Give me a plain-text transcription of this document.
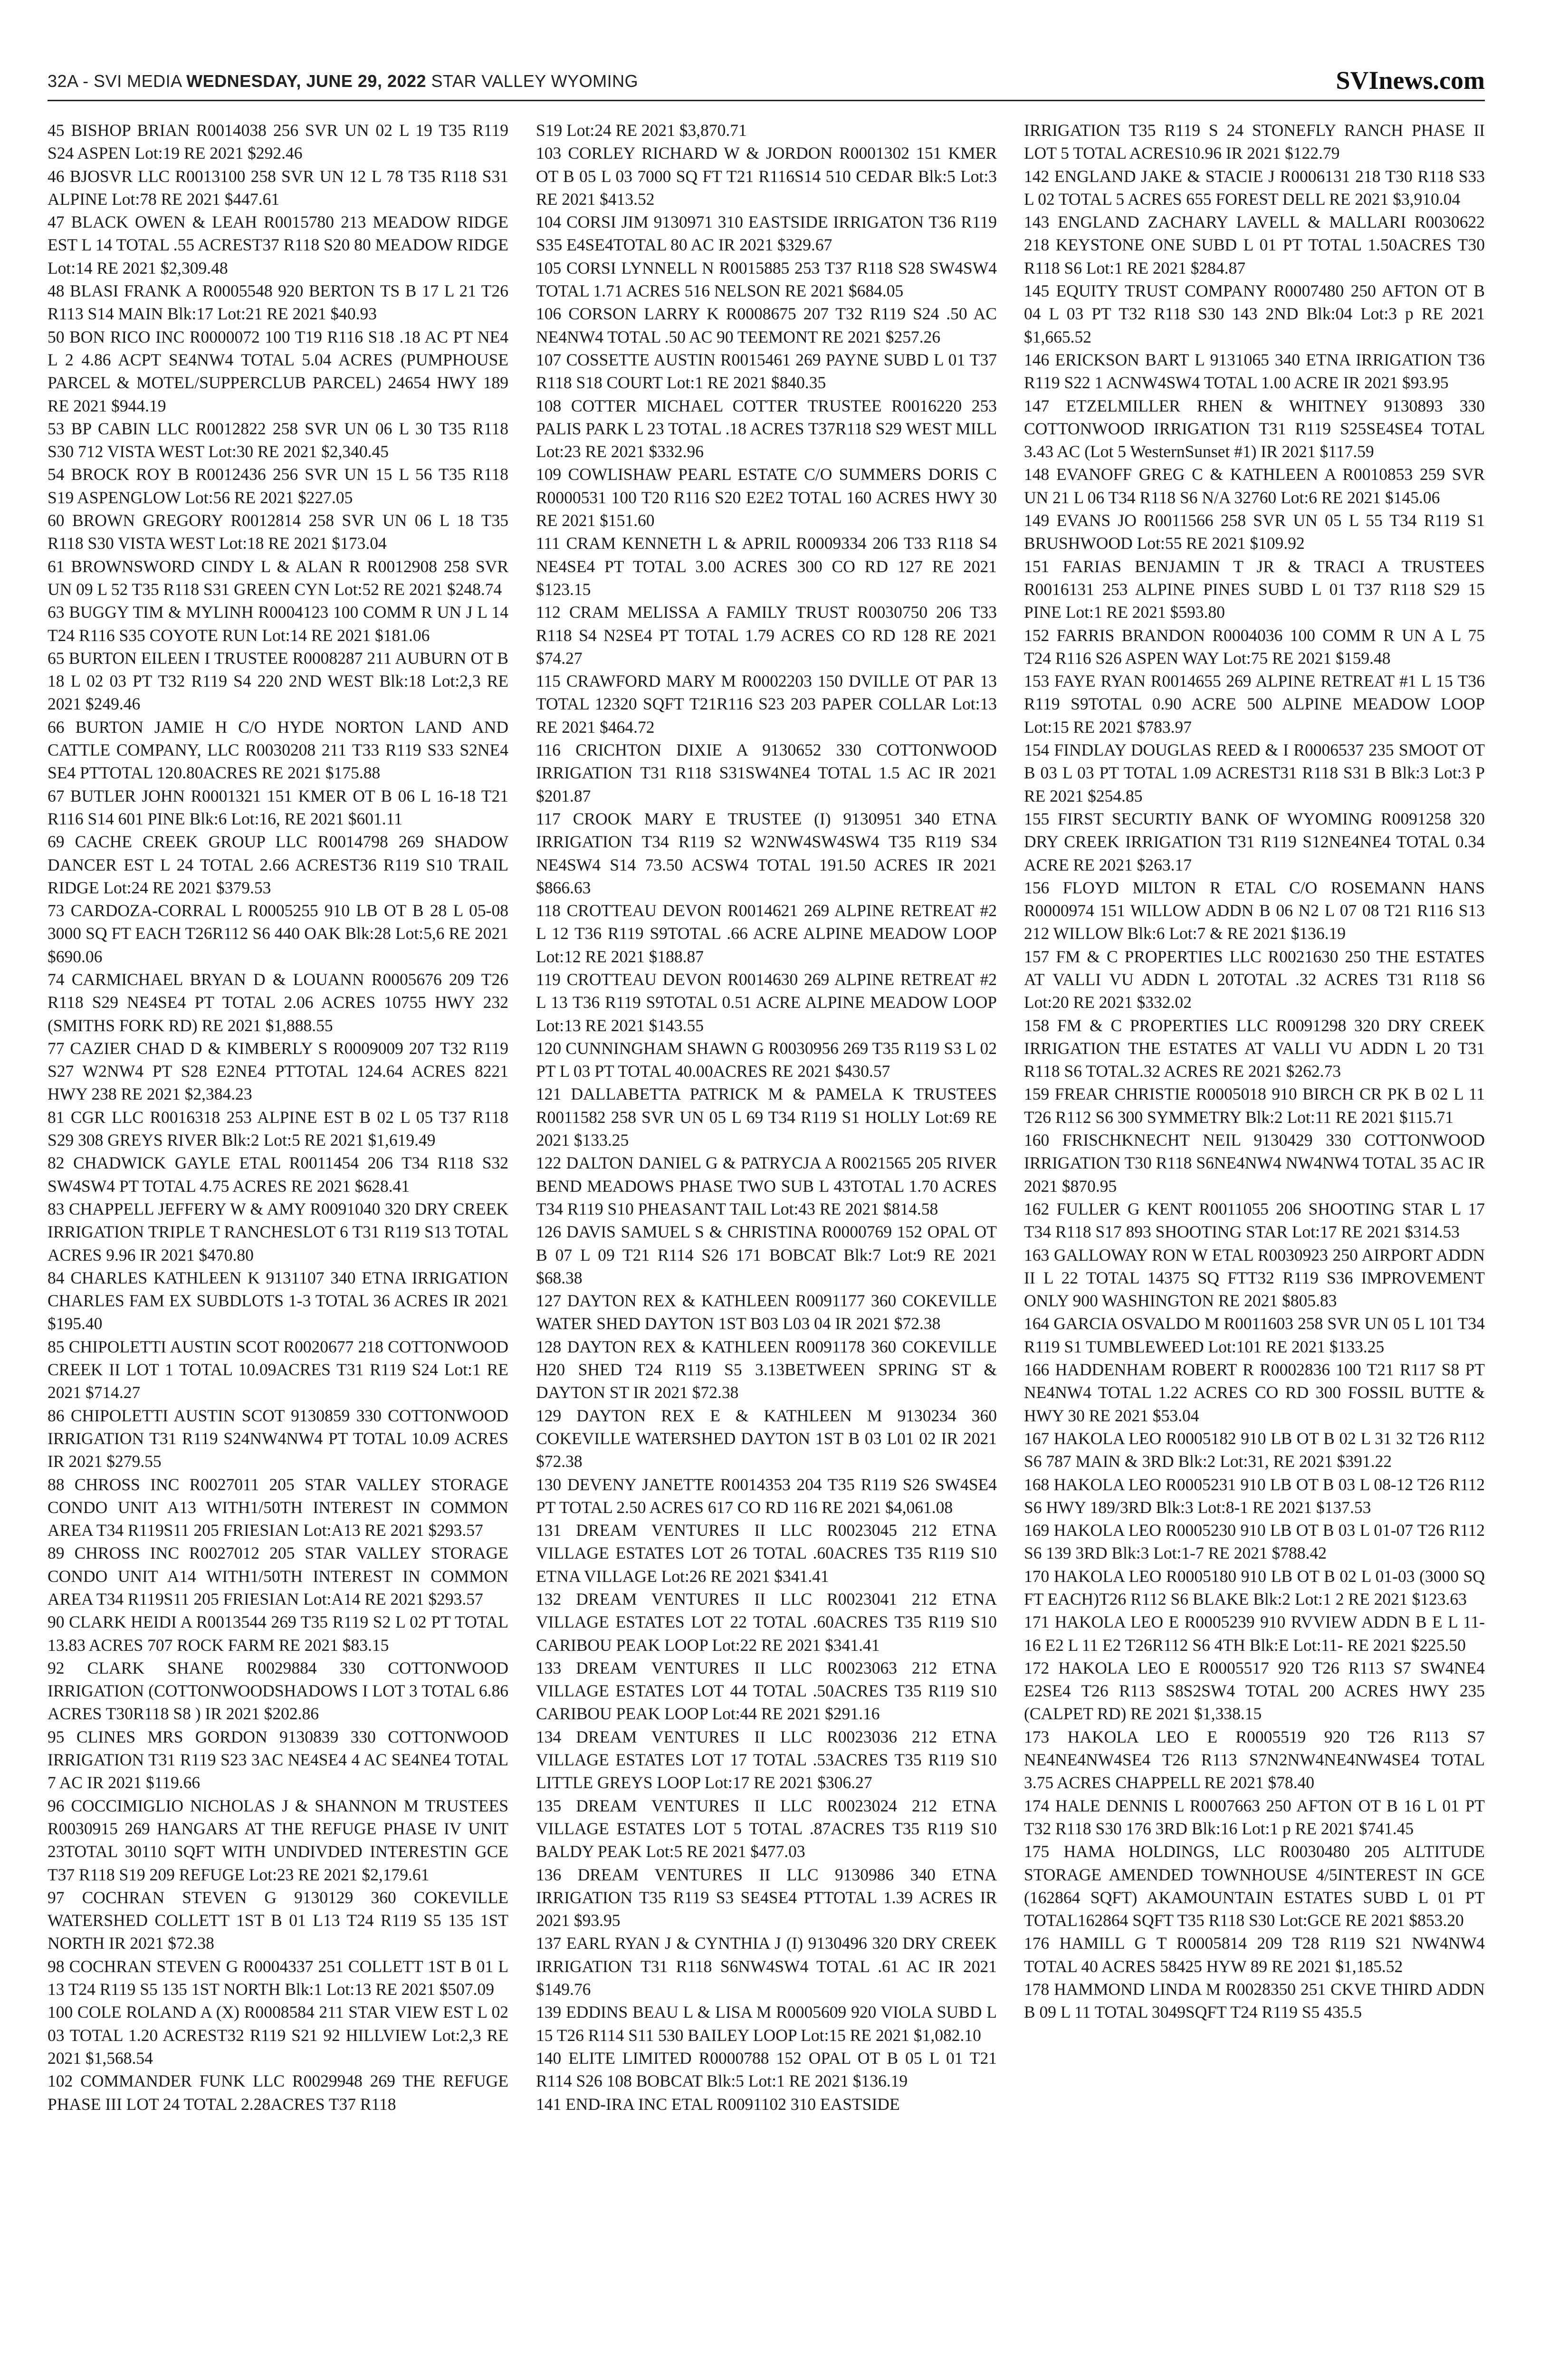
32A - SVI MEDIA WEDNESDAY, JUNE 29, 2022 STAR VALLEY WYOMING	SVInews.com

45 BISHOP BRIAN R0014038 256 SVR UN 02 L 19 T35 R119 S24 ASPEN Lot:19 RE 2021 $292.46

46 BJOSVR LLC R0013100 258 SVR UN 12 L 78 T35 R118 S31 ALPINE Lot:78 RE 2021 $447.61

47 BLACK OWEN & LEAH R0015780 213 MEADOW RIDGE EST L 14 TOTAL .55 ACREST37 R118 S20 80 MEADOW RIDGE Lot:14 RE 2021 $2,309.48

48 BLASI FRANK A R0005548 920 BERTON TS B 17 L 21 T26 R113 S14 MAIN Blk:17 Lot:21 RE 2021 $40.93

50 BON RICO INC R0000072 100 T19 R116 S18 .18 AC PT NE4 L 2 4.86 ACPT SE4NW4 TOTAL 5.04 ACRES (PUMPHOUSE PARCEL & MOTEL/SUPPERCLUB PARCEL) 24654 HWY 189 RE 2021 $944.19

53 BP CABIN LLC R0012822 258 SVR UN 06 L 30 T35 R118 S30 712 VISTA WEST Lot:30 RE 2021 $2,340.45

54 BROCK ROY B R0012436 256 SVR UN 15 L 56 T35 R118 S19 ASPENGLOW Lot:56 RE 2021 $227.05

60 BROWN GREGORY R0012814 258 SVR UN 06 L 18 T35 R118 S30 VISTA WEST Lot:18 RE 2021 $173.04

61 BROWNSWORD CINDY L & ALAN R R0012908 258 SVR UN 09 L 52 T35 R118 S31 GREEN CYN Lot:52 RE 2021 $248.74

63 BUGGY TIM & MYLINH R0004123 100 COMM R UN J L 14 T24 R116 S35 COYOTE RUN Lot:14 RE 2021 $181.06

65 BURTON EILEEN I TRUSTEE R0008287 211 AUBURN OT B 18 L 02 03 PT T32 R119 S4 220 2ND WEST Blk:18 Lot:2,3 RE 2021 $249.46

66 BURTON JAMIE H C/O HYDE NORTON LAND AND CATTLE COMPANY, LLC R0030208 211 T33 R119 S33 S2NE4 SE4 PTTOTAL 120.80ACRES RE 2021 $175.88

67 BUTLER JOHN R0001321 151 KMER OT B 06 L 16-18 T21 R116 S14 601 PINE Blk:6 Lot:16, RE 2021 $601.11

69 CACHE CREEK GROUP LLC R0014798 269 SHADOW DANCER EST L 24 TOTAL 2.66 ACREST36 R119 S10 TRAIL RIDGE Lot:24 RE 2021 $379.53

73 CARDOZA-CORRAL L R0005255 910 LB OT B 28 L 05-08 3000 SQ FT EACH T26R112 S6 440 OAK Blk:28 Lot:5,6 RE 2021 $690.06

74 CARMICHAEL BRYAN D & LOUANN R0005676 209 T26 R118 S29 NE4SE4 PT TOTAL 2.06 ACRES 10755 HWY 232 (SMITHS FORK RD) RE 2021 $1,888.55

77 CAZIER CHAD D & KIMBERLY S R0009009 207 T32 R119 S27 W2NW4 PT S28 E2NE4 PTTOTAL 124.64 ACRES 8221 HWY 238 RE 2021 $2,384.23

81 CGR LLC R0016318 253 ALPINE EST B 02 L 05 T37 R118 S29 308 GREYS RIVER Blk:2 Lot:5 RE 2021 $1,619.49

82 CHADWICK GAYLE ETAL R0011454 206 T34 R118 S32 SW4SW4 PT TOTAL 4.75 ACRES RE 2021 $628.41

83 CHAPPELL JEFFERY W & AMY R0091040 320 DRY CREEK IRRIGATION TRIPLE T RANCHESLOT 6 T31 R119 S13 TOTAL ACRES 9.96 IR 2021 $470.80

84 CHARLES KATHLEEN K 9131107 340 ETNA IRRIGATION CHARLES FAM EX SUBDLOTS 1-3 TOTAL 36 ACRES IR 2021 $195.40

85 CHIPOLETTI AUSTIN SCOT R0020677 218 COTTONWOOD CREEK II LOT 1 TOTAL 10.09ACRES T31 R119 S24 Lot:1 RE 2021 $714.27

86 CHIPOLETTI AUSTIN SCOT 9130859 330 COTTONWOOD IRRIGATION T31 R119 S24NW4NW4 PT TOTAL 10.09 ACRES IR 2021 $279.55

88 CHROSS INC R0027011 205 STAR VALLEY STORAGE CONDO UNIT A13 WITH1/50TH INTEREST IN COMMON AREA T34 R119S11 205 FRIESIAN Lot:A13 RE 2021 $293.57

89 CHROSS INC R0027012 205 STAR VALLEY STORAGE CONDO UNIT A14 WITH1/50TH INTEREST IN COMMON AREA T34 R119S11 205 FRIESIAN Lot:A14 RE 2021 $293.57

90 CLARK HEIDI A R0013544 269 T35 R119 S2 L 02 PT TOTAL 13.83 ACRES 707 ROCK FARM RE 2021 $83.15

92 CLARK SHANE R0029884 330 COTTONWOOD IRRIGATION (COTTONWOODSHADOWS I LOT 3 TOTAL 6.86 ACRES T30R118 S8 ) IR 2021 $202.86

95 CLINES MRS GORDON 9130839 330 COTTONWOOD IRRIGATION T31 R119 S23 3AC NE4SE4 4 AC SE4NE4 TOTAL 7 AC IR 2021 $119.66

96 COCCIMIGLIO NICHOLAS J & SHANNON M TRUSTEES R0030915 269 HANGARS AT THE REFUGE PHASE IV UNIT 23TOTAL 30110 SQFT WITH UNDIVDED INTERESTIN GCE T37 R118 S19 209 REFUGE Lot:23 RE 2021 $2,179.61

97 COCHRAN STEVEN G 9130129 360 COKEVILLE WATERSHED COLLETT 1ST B 01 L13 T24 R119 S5 135 1ST NORTH IR 2021 $72.38

98 COCHRAN STEVEN G R0004337 251 COLLETT 1ST B 01 L 13 T24 R119 S5 135 1ST NORTH Blk:1 Lot:13 RE 2021 $507.09

100 COLE ROLAND A (X) R0008584 211 STAR VIEW EST L 02 03 TOTAL 1.20 ACREST32 R119 S21 92 HILLVIEW Lot:2,3 RE 2021 $1,568.54

102 COMMANDER FUNK LLC R0029948 269 THE REFUGE PHASE III LOT 24 TOTAL 2.28ACRES T37 R118

S19 Lot:24 RE 2021 $3,870.71

103 CORLEY RICHARD W & JORDON R0001302 151 KMER OT B 05 L 03 7000 SQ FT T21 R116S14 510 CEDAR Blk:5 Lot:3 RE 2021 $413.52

104 CORSI JIM 9130971 310 EASTSIDE IRRIGATON T36 R119 S35 E4SE4TOTAL 80 AC IR 2021 $329.67

105 CORSI LYNNELL N R0015885 253 T37 R118 S28 SW4SW4 TOTAL 1.71 ACRES 516 NELSON RE 2021 $684.05

106 CORSON LARRY K R0008675 207 T32 R119 S24 .50 AC NE4NW4 TOTAL .50 AC 90 TEEMONT RE 2021 $257.26

107 COSSETTE AUSTIN R0015461 269 PAYNE SUBD L 01 T37 R118 S18 COURT Lot:1 RE 2021 $840.35

108 COTTER MICHAEL COTTER TRUSTEE R0016220 253 PALIS PARK L 23 TOTAL .18 ACRES T37R118 S29 WEST MILL Lot:23 RE 2021 $332.96

109 COWLISHAW PEARL ESTATE C/O SUMMERS DORIS C R0000531 100 T20 R116 S20 E2E2 TOTAL 160 ACRES HWY 30 RE 2021 $151.60

111 CRAM KENNETH L & APRIL R0009334 206 T33 R118 S4 NE4SE4 PT TOTAL 3.00 ACRES 300 CO RD 127 RE 2021 $123.15

112 CRAM MELISSA A FAMILY TRUST R0030750 206 T33 R118 S4 N2SE4 PT TOTAL 1.79 ACRES CO RD 128 RE 2021 $74.27

115 CRAWFORD MARY M R0002203 150 DVILLE OT PAR 13 TOTAL 12320 SQFT T21R116 S23 203 PAPER COLLAR Lot:13 RE 2021 $464.72

116 CRICHTON DIXIE A 9130652 330 COTTONWOOD IRRIGATION T31 R118 S31SW4NE4 TOTAL 1.5 AC IR 2021 $201.87

117 CROOK MARY E TRUSTEE (I) 9130951 340 ETNA IRRIGATION T34 R119 S2 W2NW4SW4SW4 T35 R119 S34 NE4SW4 S14 73.50 ACSW4 TOTAL 191.50 ACRES IR 2021 $866.63

118 CROTTEAU DEVON R0014621 269 ALPINE RETREAT #2 L 12 T36 R119 S9TOTAL .66 ACRE ALPINE MEADOW LOOP Lot:12 RE 2021 $188.87

119 CROTTEAU DEVON R0014630 269 ALPINE RETREAT #2 L 13 T36 R119 S9TOTAL 0.51 ACRE ALPINE MEADOW LOOP Lot:13 RE 2021 $143.55

120 CUNNINGHAM SHAWN G R0030956 269 T35 R119 S3 L 02 PT L 03 PT TOTAL 40.00ACRES RE 2021 $430.57

121 DALLABETTA PATRICK M & PAMELA K TRUSTEES R0011582 258 SVR UN 05 L 69 T34 R119 S1 HOLLY Lot:69 RE 2021 $133.25

122 DALTON DANIEL G & PATRYCJA A R0021565 205 RIVER BEND MEADOWS PHASE TWO SUB L 43TOTAL 1.70 ACRES T34 R119 S10 PHEASANT TAIL Lot:43 RE 2021 $814.58

126 DAVIS SAMUEL S & CHRISTINA R0000769 152 OPAL OT B 07 L 09 T21 R114 S26 171 BOBCAT Blk:7 Lot:9 RE 2021 $68.38

127 DAYTON REX & KATHLEEN R0091177 360 COKEVILLE WATER SHED DAYTON 1ST B03 L03 04 IR 2021 $72.38

128 DAYTON REX & KATHLEEN R0091178 360 COKEVILLE H20 SHED T24 R119 S5 3.13BETWEEN SPRING ST & DAYTON ST IR 2021 $72.38

129 DAYTON REX E & KATHLEEN M 9130234 360 COKEVILLE WATERSHED DAYTON 1ST B 03 L01 02 IR 2021 $72.38

130 DEVENY JANETTE R0014353 204 T35 R119 S26 SW4SE4 PT TOTAL 2.50 ACRES 617 CO RD 116 RE 2021 $4,061.08

131 DREAM VENTURES II LLC R0023045 212 ETNA VILLAGE ESTATES LOT 26 TOTAL .60ACRES T35 R119 S10 ETNA VILLAGE Lot:26 RE 2021 $341.41

132 DREAM VENTURES II LLC R0023041 212 ETNA VILLAGE ESTATES LOT 22 TOTAL .60ACRES T35 R119 S10 CARIBOU PEAK LOOP Lot:22 RE 2021 $341.41

133 DREAM VENTURES II LLC R0023063 212 ETNA VILLAGE ESTATES LOT 44 TOTAL .50ACRES T35 R119 S10 CARIBOU PEAK LOOP Lot:44 RE 2021 $291.16

134 DREAM VENTURES II LLC R0023036 212 ETNA VILLAGE ESTATES LOT 17 TOTAL .53ACRES T35 R119 S10 LITTLE GREYS LOOP Lot:17 RE 2021 $306.27

135 DREAM VENTURES II LLC R0023024 212 ETNA VILLAGE ESTATES LOT 5 TOTAL .87ACRES T35 R119 S10 BALDY PEAK Lot:5 RE 2021 $477.03

136 DREAM VENTURES II LLC 9130986 340 ETNA IRRIGATION T35 R119 S3 SE4SE4 PTTOTAL 1.39 ACRES IR 2021 $93.95

137 EARL RYAN J & CYNTHIA J (I) 9130496 320 DRY CREEK IRRIGATION T31 R118 S6NW4SW4 TOTAL .61 AC IR 2021 $149.76

139 EDDINS BEAU L & LISA M R0005609 920 VIOLA SUBD L 15 T26 R114 S11 530 BAILEY LOOP Lot:15 RE 2021 $1,082.10

140 ELITE LIMITED R0000788 152 OPAL OT B 05 L 01 T21 R114 S26 108 BOBCAT Blk:5 Lot:1 RE 2021 $136.19

141 END-IRA INC ETAL R0091102 310 EASTSIDE

IRRIGATION T35 R119 S 24 STONEFLY RANCH PHASE II LOT 5 TOTAL ACRES10.96 IR 2021 $122.79

142 ENGLAND JAKE & STACIE J R0006131 218 T30 R118 S33 L 02 TOTAL 5 ACRES 655 FOREST DELL RE 2021 $3,910.04

143 ENGLAND ZACHARY LAVELL & MALLARI R0030622 218 KEYSTONE ONE SUBD L 01 PT TOTAL 1.50ACRES T30 R118 S6 Lot:1 RE 2021 $284.87

145 EQUITY TRUST COMPANY R0007480 250 AFTON OT B 04 L 03 PT T32 R118 S30 143 2ND Blk:04 Lot:3 p RE 2021 $1,665.52

146 ERICKSON BART L 9131065 340 ETNA IRRIGATION T36 R119 S22 1 ACNW4SW4 TOTAL 1.00 ACRE IR 2021 $93.95

147 ETZELMILLER RHEN & WHITNEY 9130893 330 COTTONWOOD IRRIGATION T31 R119 S25SE4SE4 TOTAL 3.43 AC (Lot 5 WesternSunset #1) IR 2021 $117.59

148 EVANOFF GREG C & KATHLEEN A R0010853 259 SVR UN 21 L 06 T34 R118 S6 N/A 32760 Lot:6 RE 2021 $145.06

149 EVANS JO R0011566 258 SVR UN 05 L 55 T34 R119 S1 BRUSHWOOD Lot:55 RE 2021 $109.92

151 FARIAS BENJAMIN T JR & TRACI A TRUSTEES R0016131 253 ALPINE PINES SUBD L 01 T37 R118 S29 15 PINE Lot:1 RE 2021 $593.80

152 FARRIS BRANDON R0004036 100 COMM R UN A L 75 T24 R116 S26 ASPEN WAY Lot:75 RE 2021 $159.48

153 FAYE RYAN R0014655 269 ALPINE RETREAT #1 L 15 T36 R119 S9TOTAL 0.90 ACRE 500 ALPINE MEADOW LOOP Lot:15 RE 2021 $783.97

154 FINDLAY DOUGLAS REED & I R0006537 235 SMOOT OT B 03 L 03 PT TOTAL 1.09 ACREST31 R118 S31 B Blk:3 Lot:3 P RE 2021 $254.85

155 FIRST SECURTIY BANK OF WYOMING R0091258 320 DRY CREEK IRRIGATION T31 R119 S12NE4NE4 TOTAL 0.34 ACRE RE 2021 $263.17

156 FLOYD MILTON R ETAL C/O ROSEMANN HANS R0000974 151 WILLOW ADDN B 06 N2 L 07 08 T21 R116 S13 212 WILLOW Blk:6 Lot:7 & RE 2021 $136.19

157 FM & C PROPERTIES LLC R0021630 250 THE ESTATES AT VALLI VU ADDN L 20TOTAL .32 ACRES T31 R118 S6 Lot:20 RE 2021 $332.02

158 FM & C PROPERTIES LLC R0091298 320 DRY CREEK IRRIGATION THE ESTATES AT VALLI VU ADDN L 20 T31 R118 S6 TOTAL.32 ACRES RE 2021 $262.73

159 FREAR CHRISTIE R0005018 910 BIRCH CR PK B 02 L 11 T26 R112 S6 300 SYMMETRY Blk:2 Lot:11 RE 2021 $115.71

160 FRISCHKNECHT NEIL 9130429 330 COTTONWOOD IRRIGATION T30 R118 S6NE4NW4 NW4NW4 TOTAL 35 AC IR 2021 $870.95

162 FULLER G KENT R0011055 206 SHOOTING STAR L 17 T34 R118 S17 893 SHOOTING STAR Lot:17 RE 2021 $314.53

163 GALLOWAY RON W ETAL R0030923 250 AIRPORT ADDN II L 22 TOTAL 14375 SQ FTT32 R119 S36 IMPROVEMENT ONLY 900 WASHINGTON RE 2021 $805.83

164 GARCIA OSVALDO M R0011603 258 SVR UN 05 L 101 T34 R119 S1 TUMBLEWEED Lot:101 RE 2021 $133.25

166 HADDENHAM ROBERT R R0002836 100 T21 R117 S8 PT NE4NW4 TOTAL 1.22 ACRES CO RD 300 FOSSIL BUTTE & HWY 30 RE 2021 $53.04

167 HAKOLA LEO R0005182 910 LB OT B 02 L 31 32 T26 R112 S6 787 MAIN & 3RD Blk:2 Lot:31, RE 2021 $391.22

168 HAKOLA LEO R0005231 910 LB OT B 03 L 08-12 T26 R112 S6 HWY 189/3RD Blk:3 Lot:8-1 RE 2021 $137.53

169 HAKOLA LEO R0005230 910 LB OT B 03 L 01-07 T26 R112 S6 139 3RD Blk:3 Lot:1-7 RE 2021 $788.42

170 HAKOLA LEO R0005180 910 LB OT B 02 L 01-03 (3000 SQ FT EACH)T26 R112 S6 BLAKE Blk:2 Lot:1 2 RE 2021 $123.63

171 HAKOLA LEO E R0005239 910 RVVIEW ADDN B E L 11-16 E2 L 11 E2 T26R112 S6 4TH Blk:E Lot:11- RE 2021 $225.50

172 HAKOLA LEO E R0005517 920 T26 R113 S7 SW4NE4 E2SE4 T26 R113 S8S2SW4 TOTAL 200 ACRES HWY 235 (CALPET RD) RE 2021 $1,338.15

173 HAKOLA LEO E R0005519 920 T26 R113 S7 NE4NE4NW4SE4 T26 R113 S7N2NW4NE4NW4SE4 TOTAL 3.75 ACRES CHAPPELL RE 2021 $78.40

174 HALE DENNIS L R0007663 250 AFTON OT B 16 L 01 PT T32 R118 S30 176 3RD Blk:16 Lot:1 p RE 2021 $741.45

175 HAMA HOLDINGS, LLC R0030480 205 ALTITUDE STORAGE AMENDED TOWNHOUSE 4/5INTEREST IN GCE (162864 SQFT) AKAMOUNTAIN ESTATES SUBD L 01 PT TOTAL162864 SQFT T35 R118 S30 Lot:GCE RE 2021 $853.20

176 HAMILL G T R0005814 209 T28 R119 S21 NW4NW4 TOTAL 40 ACRES 58425 HYW 89 RE 2021 $1,185.52

178 HAMMOND LINDA M R0028350 251 CKVE THIRD ADDN B 09 L 11 TOTAL 3049SQFT T24 R119 S5 435.5
